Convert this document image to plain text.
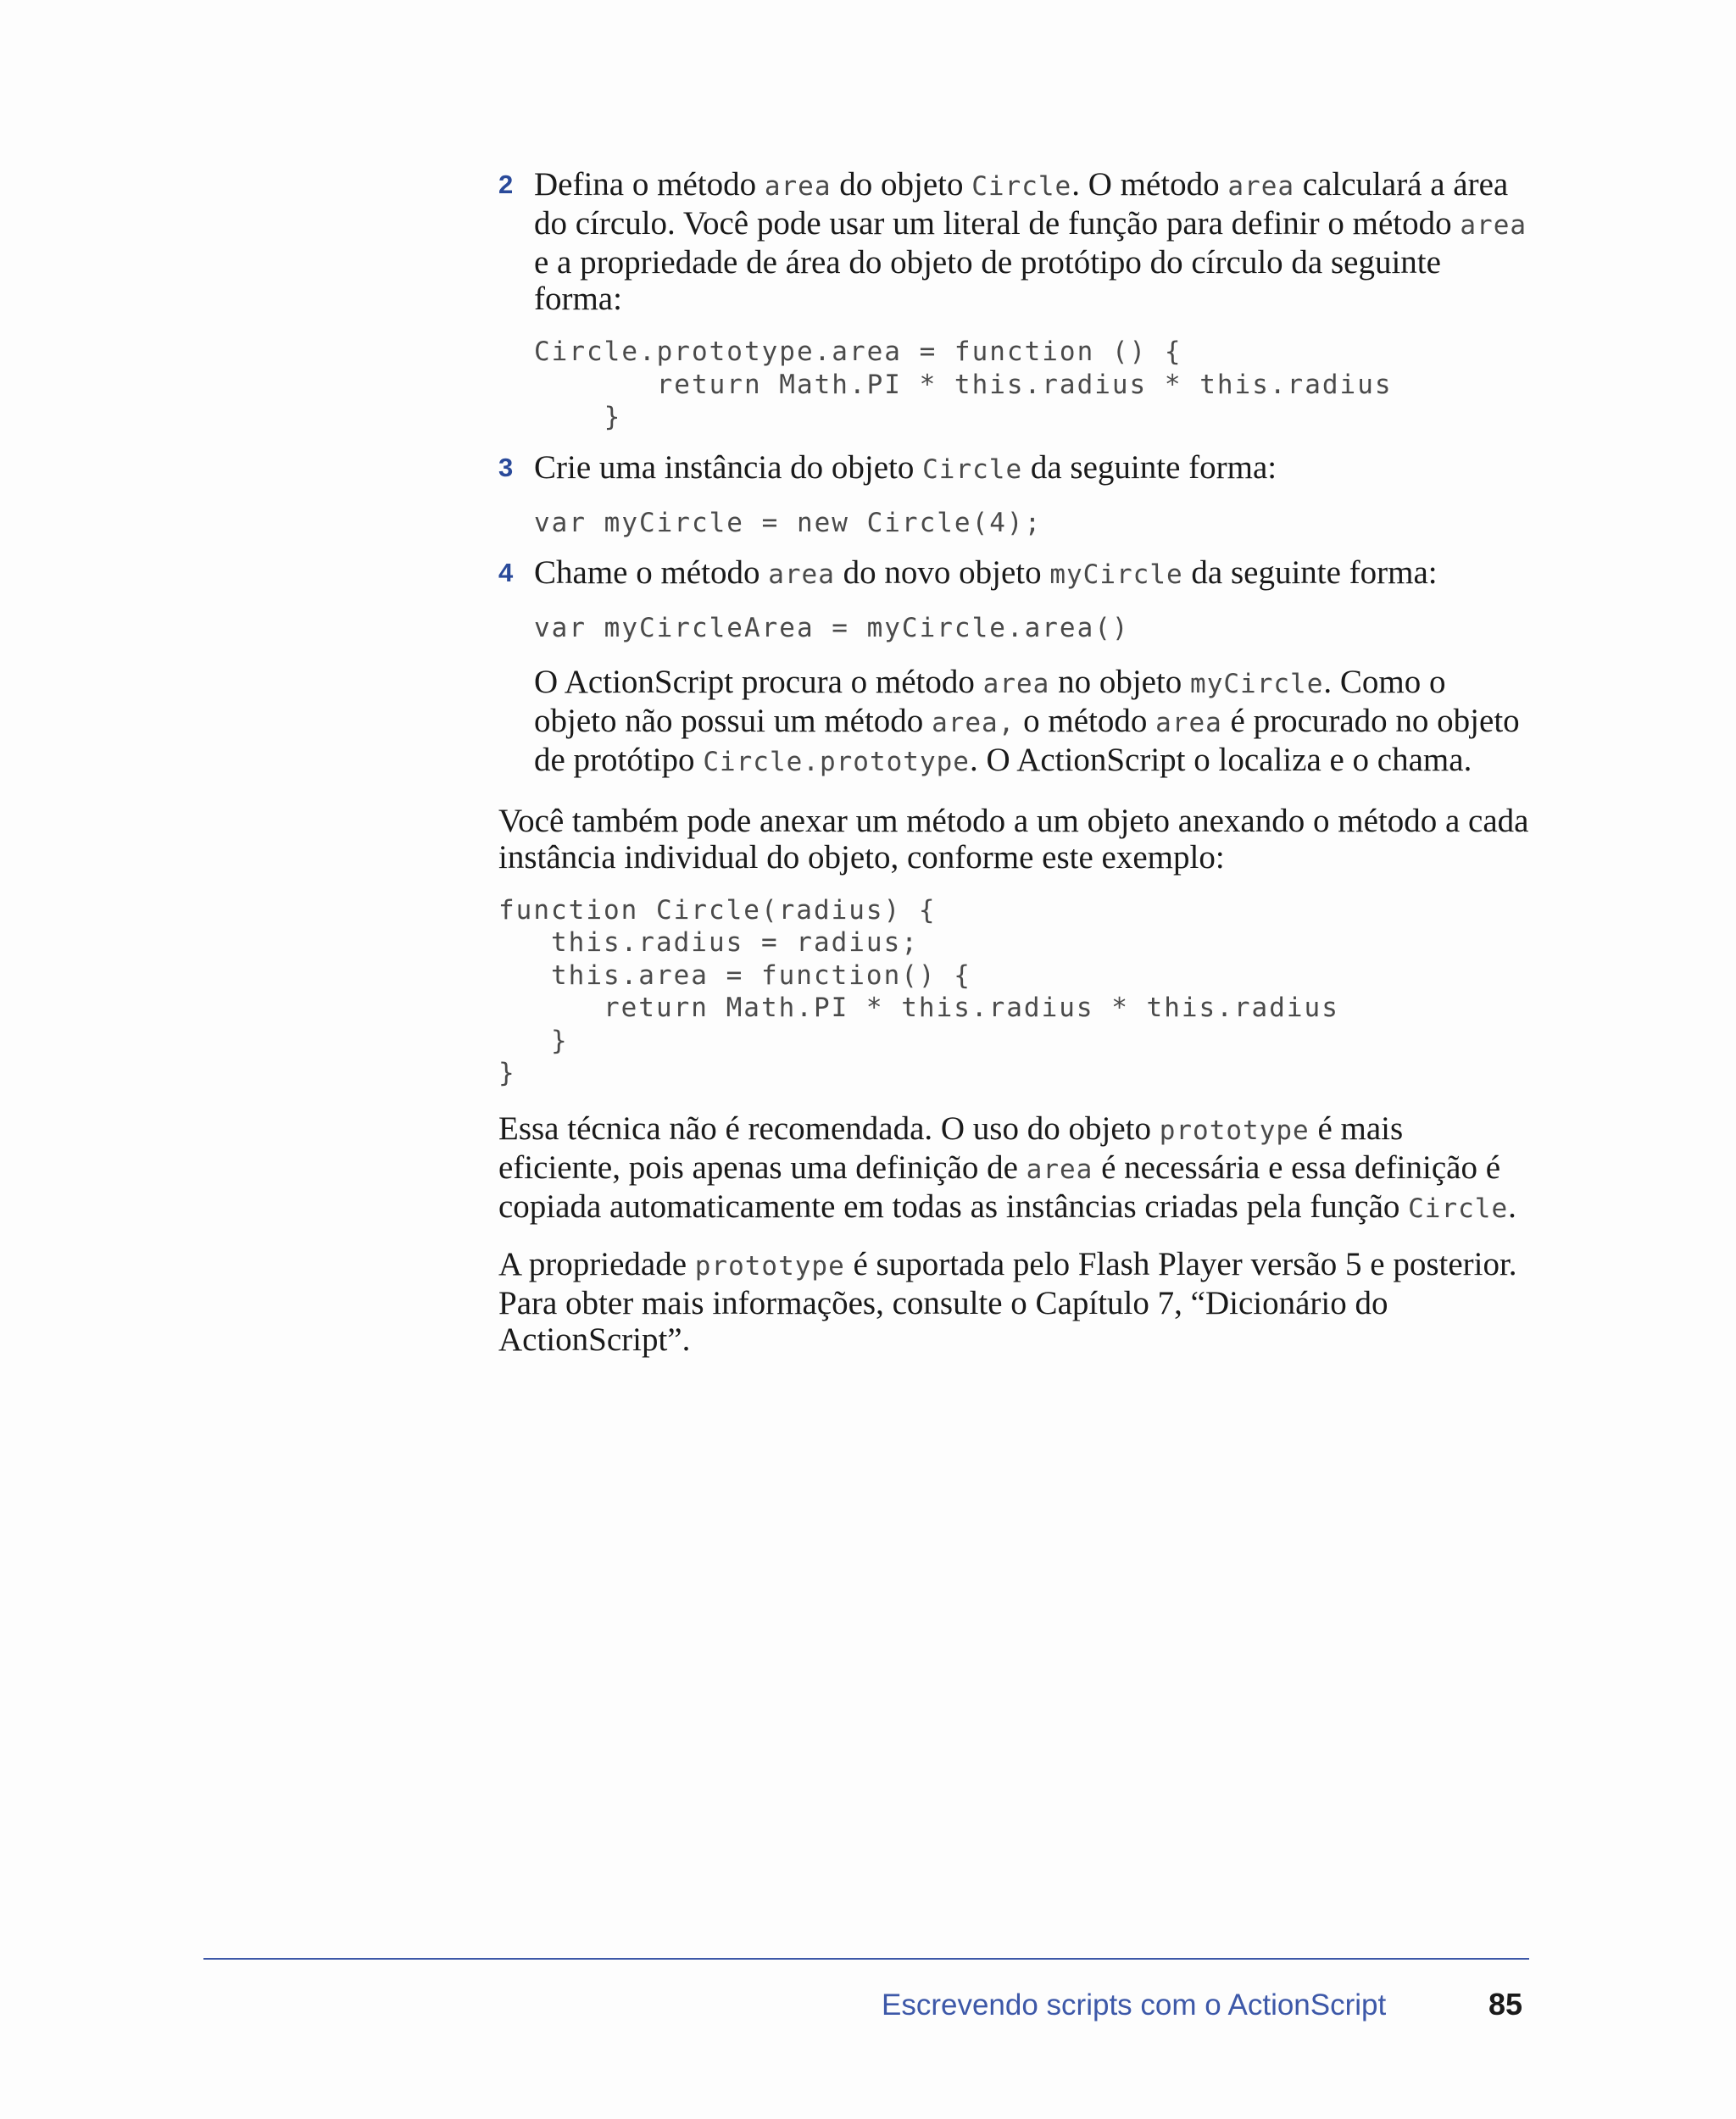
2 Defina o método area do objeto Circle. O método area calculará a área do círculo. Você pode usar um literal de função para definir o método area e a propriedade de área do objeto de protótipo do círculo da seguinte forma:

Circle.prototype.area = function () {
return Math.PI * this.radius * this.radius
}
3 Crie uma instância do objeto Circle da seguinte forma:

var myCircle = new Circle(4);
4 Chame o método area do novo objeto myCircle da seguinte forma:

var myCircleArea = myCircle.area()

O ActionScript procura o método area no objeto myCircle. Como o objeto não possui um método area, o método area é procurado no objeto de protótipo Circle.prototype. O ActionScript o localiza e o chama.

Você também pode anexar um método a um objeto anexando o método a cada instância individual do objeto, conforme este exemplo:

function Circle(radius) {
this.radius = radius;
this.area = function() {
return Math.PI * this.radius * this.radius
}
}

Essa técnica não é recomendada. O uso do objeto prototype é mais eficiente, pois apenas uma definição de area é necessária e essa definição é copiada automaticamente em todas as instâncias criadas pela função Circle.

A propriedade prototype é suportada pelo Flash Player versão 5 e posterior. Para obter mais informações, consulte o Capítulo 7, “Dicionário do ActionScript”.

Escrevendo scripts com o ActionScript	85
